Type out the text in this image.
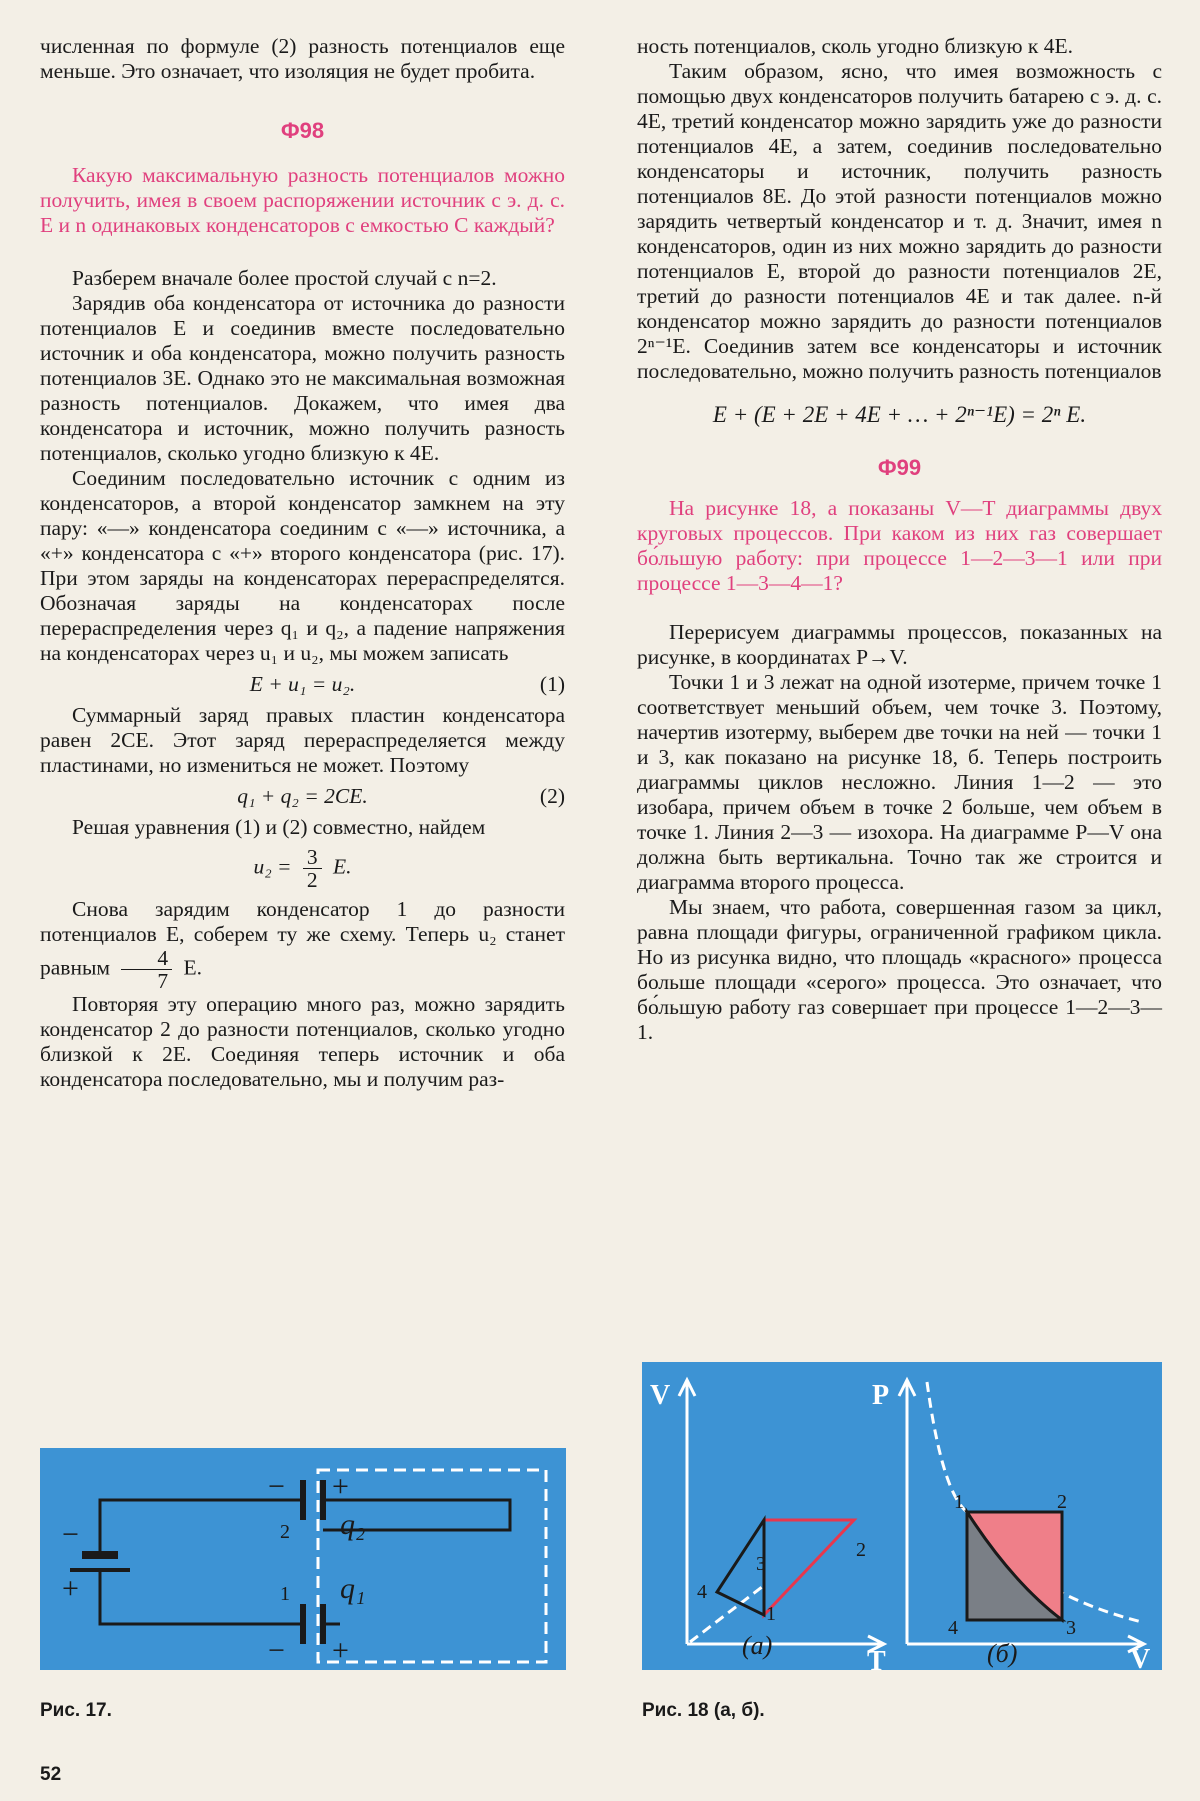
численная по формуле (2) разность потенциалов еще меньше. Это означает, что изоляция не будет пробита.

Ф98

Какую максимальную разность потенциалов можно получить, имея в своем распоряжении источник с э. д. с. E и n одинаковых конденсаторов с емкостью C каждый?

Разберем вначале более простой случай с n=2.

Зарядив оба конденсатора от источника до разности потенциалов E и соединив вместе последовательно источник и оба конденсатора, можно получить разность потенциалов 3E. Однако это не максимальная возможная разность потенциалов. Докажем, что имея два конденсатора и источник, можно получить разность потенциалов, сколько угодно близкую к 4E.

Соединим последовательно источник с одним из конденсаторов, а второй конденсатор замкнем на эту пару: «—» конденсатора соединим с «—» источника, а «+» конденсатора с «+» второго конденсатора (рис. 17). При этом заряды на конденсаторах перераспределятся. Обозначая заряды на конденсаторах после перераспределения через q₁ и q₂, а падение напряжения на конденсаторах через u₁ и u₂, мы можем записать

E + u₁ = u₂.	(1)

Суммарный заряд правых пластин конденсатора равен 2CE. Этот заряд перераспределяется между пластинами, но измениться не может. Поэтому

q₁ + q₂ = 2CE.	(2)

Решая уравнения (1) и (2) совместно, найдем

$u_2 = \frac{3}{2} E$.

Снова зарядим конденсатор 1 до разности потенциалов E, соберем ту же схему. Теперь u₂ станет равным $\frac{4}{7} E$.

Повторяя эту операцию много раз, можно зарядить конденсатор 2 до разности потенциалов, сколько угодно близкой к 2E. Соединяя теперь источник и оба конденсатора последовательно, мы и получим раз-

ность потенциалов, сколь угодно близкую к 4E.

Таким образом, ясно, что имея возможность с помощью двух конденсаторов получить батарею с э. д. с. 4E, третий конденсатор можно зарядить уже до разности потенциалов 4E, а затем, соединив последовательно конденсаторы и источник, получить разность потенциалов 8E. До этой разности потенциалов можно зарядить четвертый конденсатор и т. д. Значит, имея n конденсаторов, один из них можно зарядить до разности потенциалов E, второй до разности потенциалов 2E, третий до разности потенциалов 4E и так далее. n-й конденсатор можно зарядить до разности потенциалов 2ⁿ⁻¹E. Соединив затем все конденсаторы и источник последовательно, можно получить разность потенциалов

E + (E + 2E + 4E + … + 2ⁿ⁻¹E) = 2ⁿ E.

Ф99

На рисунке 18, а показаны V—T диаграммы двух круговых процессов. При каком из них газ совершает бо́льшую работу: при процессе 1—2—3—1 или при процессе 1—3—4—1?

Перерисуем диаграммы процессов, показанных на рисунке, в координатах P→V.

Точки 1 и 3 лежат на одной изотерме, причем точке 1 соответствует меньший объем, чем точке 3. Поэтому, начертив изотерму, выберем две точки на ней — точки 1 и 3, как показано на рисунке 18, б. Теперь построить диаграммы циклов несложно. Линия 1—2 — это изобара, причем объем в точке 2 больше, чем объем в точке 1. Линия 2—3 — изохора. На диаграмме P—V она должна быть вертикальна. Точно так же строится и диаграмма второго процесса.

Мы знаем, что работа, совершенная газом за цикл, равна площади фигуры, ограниченной графиком цикла. Но из рисунка видно, что площадь «красного» процесса больше площади «серого» процесса. Это означает, что бо́льшую работу газ совершает при процессе 1—2—3—1.

− +
− +
−
+
2
1
q₂
q₁
Рис. 17.
V
T
3
2
1
4
(а)
P
V
1	2
3
4
(б)
Рис. 18 (а, б).
52
